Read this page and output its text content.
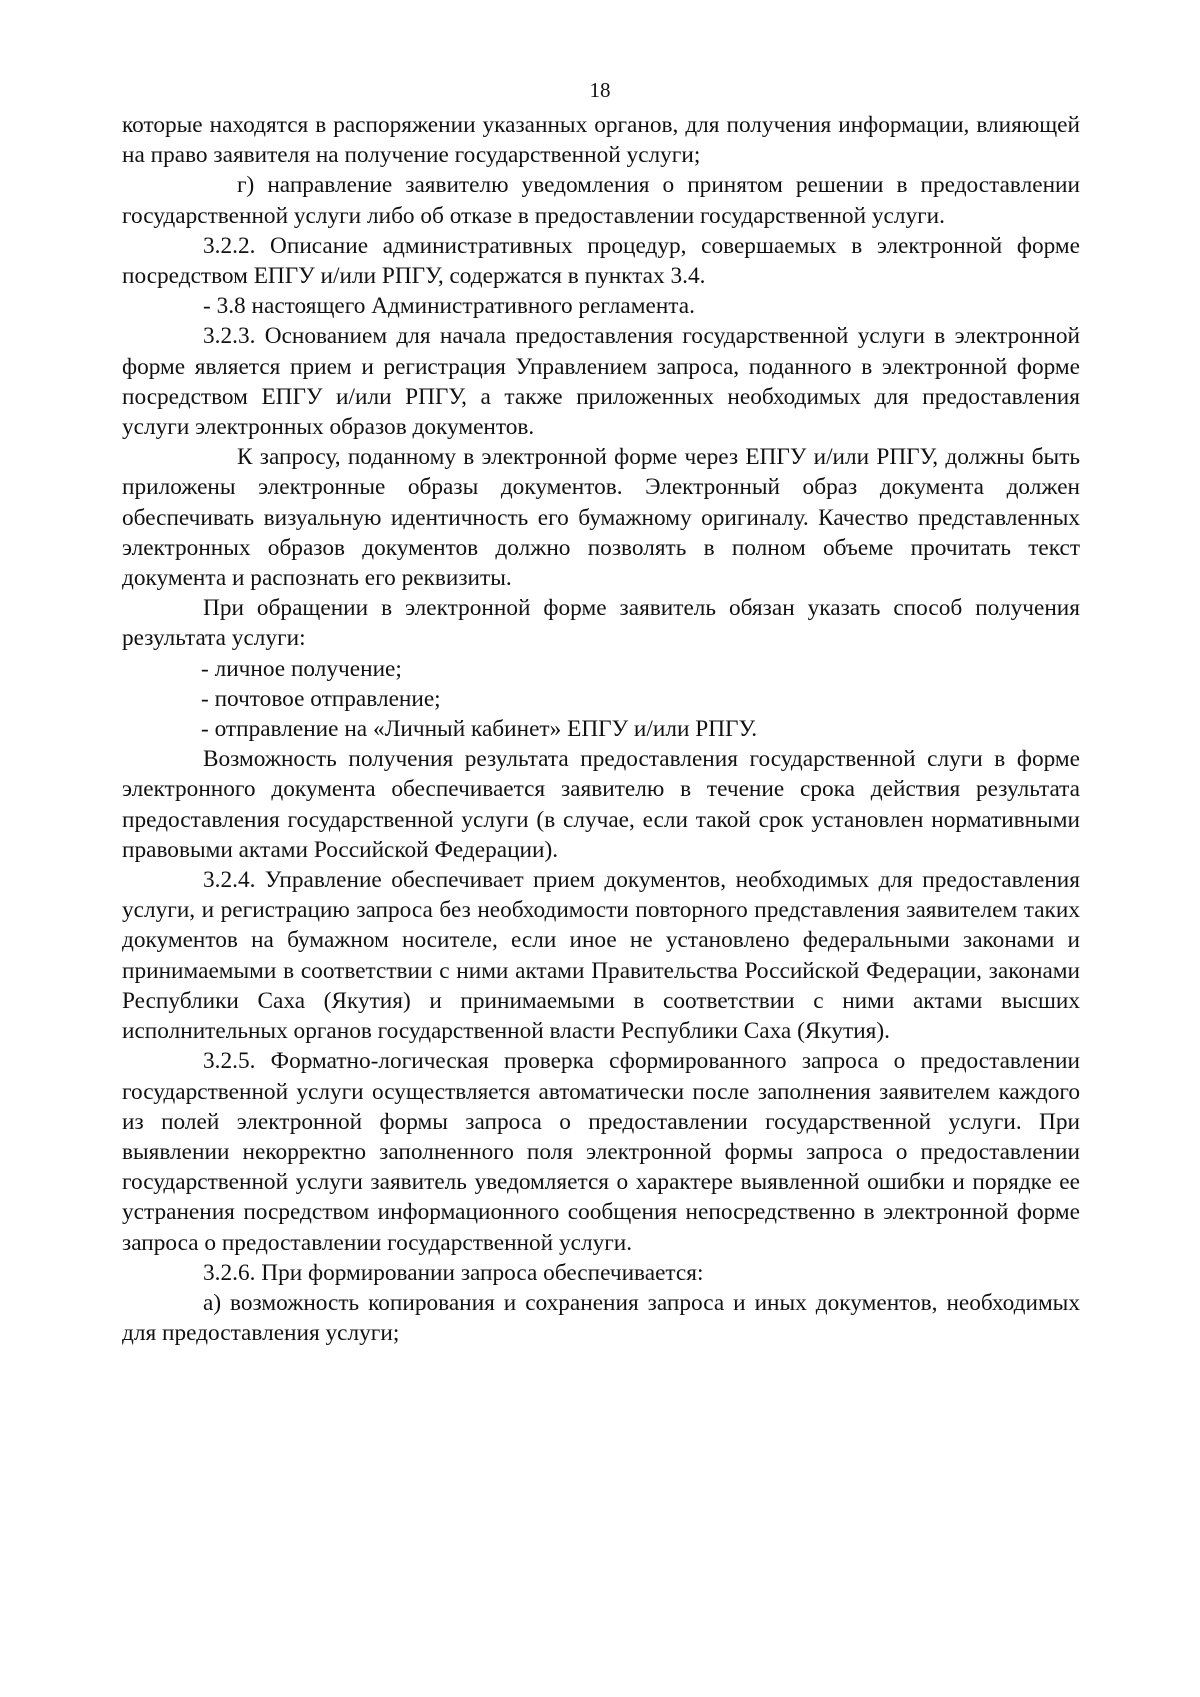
18

которые находятся в распоряжении указанных органов, для получения информации, влияющей на право заявителя на получение государственной услуги;

г) направление заявителю уведомления о принятом решении в предоставлении государственной услуги либо об отказе в предоставлении государственной услуги.

3.2.2. Описание административных процедур, совершаемых в электронной форме посредством ЕПГУ и/или РПГУ, содержатся в пунктах 3.4.

- 3.8 настоящего Административного регламента.

3.2.3. Основанием для начала предоставления государственной услуги в электронной форме является прием и регистрация Управлением запроса, поданного в электронной форме посредством ЕПГУ и/или РПГУ, а также приложенных необходимых для предоставления услуги электронных образов документов.

К запросу, поданному в электронной форме через ЕПГУ и/или РПГУ, должны быть приложены электронные образы документов. Электронный образ документа должен обеспечивать визуальную идентичность его бумажному оригиналу. Качество представленных электронных образов документов должно позволять в полном объеме прочитать текст документа и распознать его реквизиты.

При обращении в электронной форме заявитель обязан указать способ получения результата услуги:

- личное получение;

- почтовое отправление;

- отправление на «Личный кабинет» ЕПГУ и/или РПГУ.

Возможность получения результата предоставления государственной слуги в форме электронного документа обеспечивается заявителю в течение срока действия результата предоставления государственной услуги (в случае, если такой срок установлен нормативными правовыми актами Российской Федерации).

3.2.4. Управление обеспечивает прием документов, необходимых для предоставления услуги, и регистрацию запроса без необходимости повторного представления заявителем таких документов на бумажном носителе, если иное не установлено федеральными законами и принимаемыми в соответствии с ними актами Правительства Российской Федерации, законами Республики Саха (Якутия) и принимаемыми в соответствии с ними актами высших исполнительных органов государственной власти Республики Саха (Якутия).

3.2.5. Форматно-логическая проверка сформированного запроса о предоставлении государственной услуги осуществляется автоматически после заполнения заявителем каждого из полей электронной формы запроса о предоставлении государственной услуги. При выявлении некорректно заполненного поля электронной формы запроса о предоставлении государственной услуги заявитель уведомляется о характере выявленной ошибки и порядке ее устранения посредством информационного сообщения непосредственно в электронной форме запроса о предоставлении государственной услуги.

3.2.6. При формировании запроса обеспечивается:

а) возможность копирования и сохранения запроса и иных документов, необходимых для предоставления услуги;
